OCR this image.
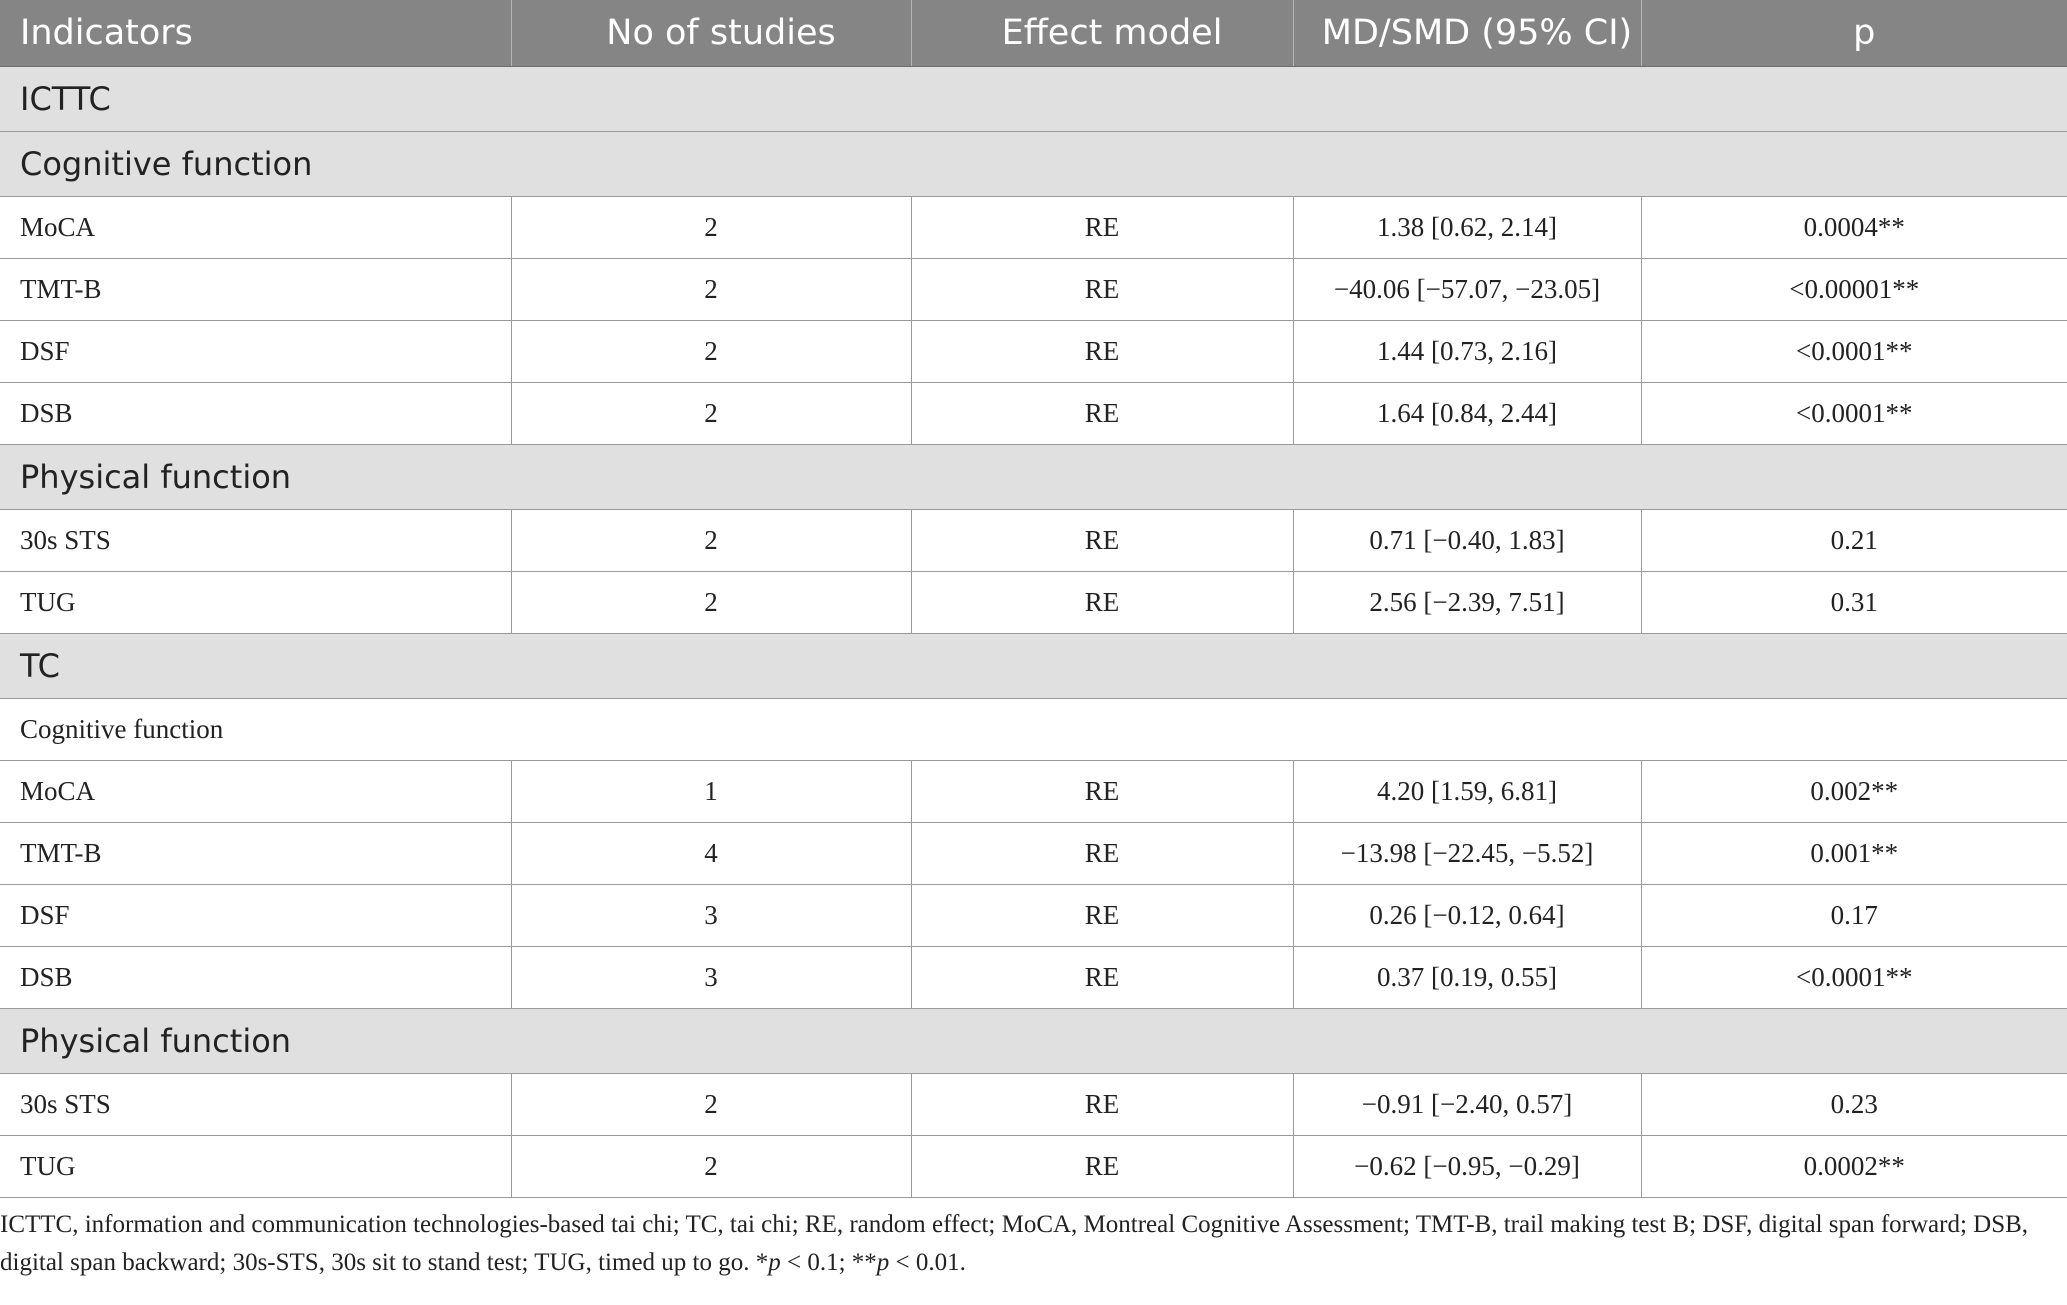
Indicators	No of studies	Effect model	MD/SMD (95% CI)	p
ICTTC				
Cognitive function				
MoCA	2	RE	1.38 [0.62, 2.14]	0.0004**
TMT-B	2	RE	−40.06 [−57.07, −23.05]	<0.00001**
DSF	2	RE	1.44 [0.73, 2.16]	<0.0001**
DSB	2	RE	1.64 [0.84, 2.44]	<0.0001**
Physical function				
30s STS	2	RE	0.71 [−0.40, 1.83]	0.21
TUG	2	RE	2.56 [−2.39, 7.51]	0.31
TC				
Cognitive function				
MoCA	1	RE	4.20 [1.59, 6.81]	0.002**
TMT-B	4	RE	−13.98 [−22.45, −5.52]	0.001**
DSF	3	RE	0.26 [−0.12, 0.64]	0.17
DSB	3	RE	0.37 [0.19, 0.55]	<0.0001**
Physical function				
30s STS	2	RE	−0.91 [−2.40, 0.57]	0.23
TUG	2	RE	−0.62 [−0.95, −0.29]	0.0002**

ICTTC, information and communication technologies-based tai chi; TC, tai chi; RE, random effect; MoCA, Montreal Cognitive Assessment; TMT-B, trail making test B; DSF, digital span forward; DSB, digital span backward; 30s-STS, 30s sit to stand test; TUG, timed up to go. *p < 0.1; **p < 0.01.
